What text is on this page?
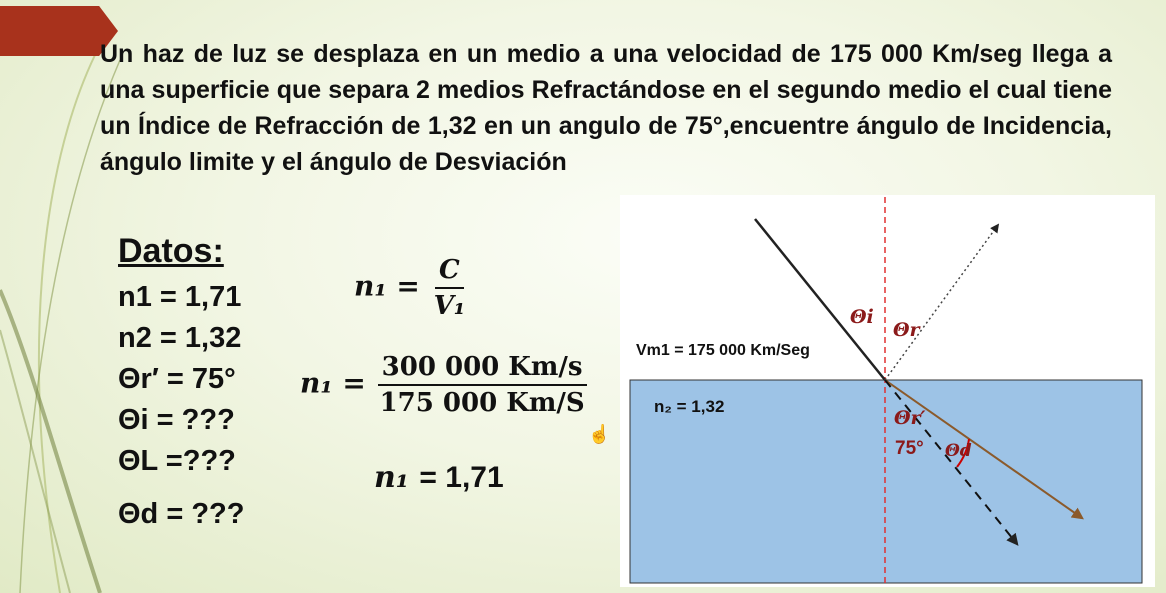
Un haz de luz se desplaza en un medio a una velocidad de 175 000 Km/seg llega a una superficie que separa 2 medios Refractándose en el segundo medio el cual tiene un Índice de Refracción de 1,32 en un angulo de 75°,encuentre ángulo de Incidencia, ángulo limite y el ángulo de Desviación
Datos:
n1 = 1,71
n2 = 1,32
Θr′ = 75°
Θi = ???
ΘL =???
Θd = ???
$n_1 = \frac{C}{\text{V₁}}$
$n_1 = \frac{300 000 Km/s}{175 000 Km/S}$
n₁ = 1,71
☝
Vm1 = 175 000 Km/Seg
n₂ = 1,32
Θi
Θr
Θr′
75° Θd
